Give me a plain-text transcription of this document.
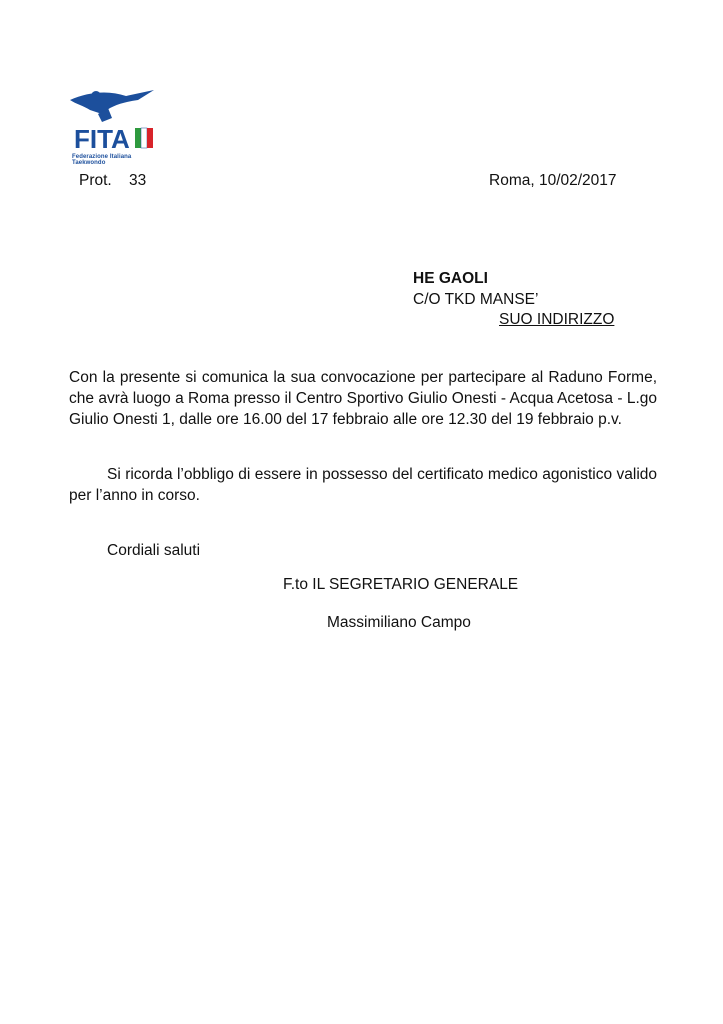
FITA
Federazione Italiana Taekwondo
Prot. 33	Roma, 10/02/2017
HE GAOLI
C/O TKD MANSE’
SUO INDIRIZZO
Con la presente si comunica la sua convocazione per partecipare al Raduno Forme, che avrà luogo a Roma presso il Centro Sportivo Giulio Onesti - Acqua Acetosa - L.go Giulio Onesti 1, dalle ore 16.00 del 17 febbraio alle ore 12.30 del 19 febbraio p.v.
Si ricorda l’obbligo di essere in possesso del certificato medico agonistico valido per l’anno in corso.
Cordiali saluti
F.to IL SEGRETARIO GENERALE
Massimiliano Campo
